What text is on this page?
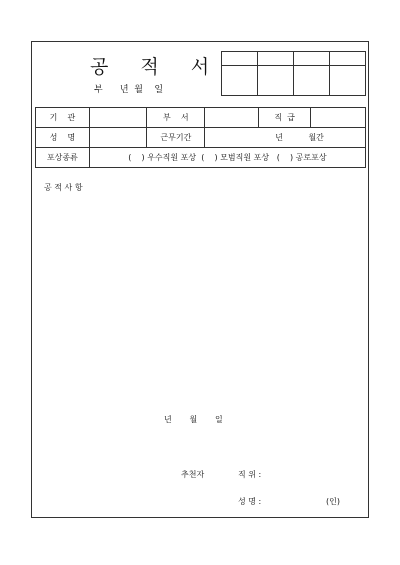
공 적 서
부      년  월    일

기    관		부    서		직  급	
성    명		근무기간	년          월간		
포상종류	(    ) 우수직원 포상  (    ) 모범직원 포상   (    ) 공로포상				
공 적 사 항
년       월       일
추천자	직 위 :
성 명 :	(인)
